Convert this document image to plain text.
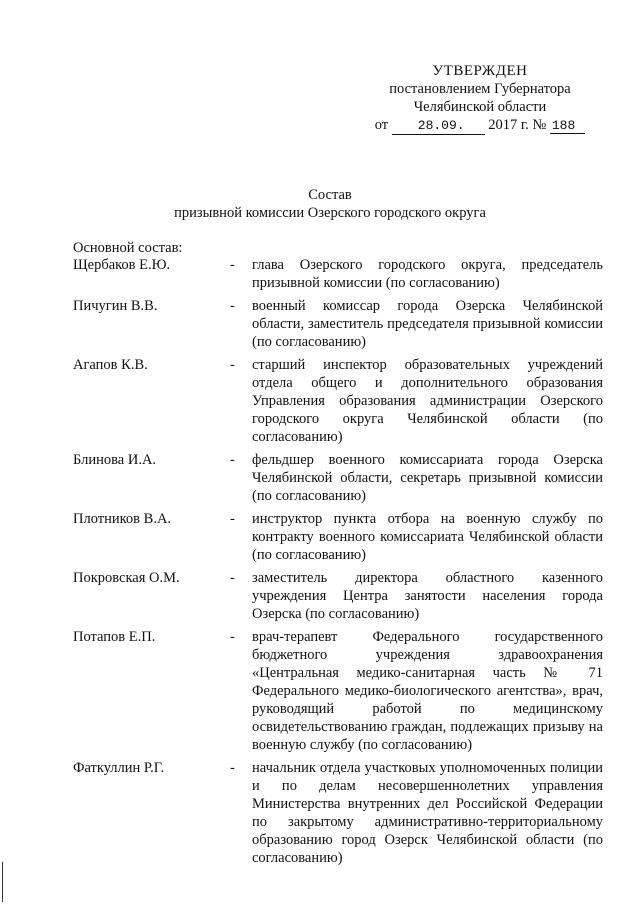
УТВЕРЖДЕН
постановлением Губернатора
Челябинской области
от 28.09. 2017 г. № 188
Состав
призывной комиссии Озерского городского округа
Основной состав:
Щербаков Е.Ю.	-	глава Озерского городского округа, председатель призывной комиссии (по согласованию)
Пичугин В.В.	-	военный комиссар города Озерска Челябинской области, заместитель председателя призывной комиссии (по согласованию)
Агапов К.В.	-	старший инспектор образовательных учреждений отдела общего и дополнительного образования Управления образования администрации Озерского городского округа Челябинской области (по согласованию)
Блинова И.А.	-	фельдшер военного комиссариата города Озерска Челябинской области, секретарь призывной комиссии (по согласованию)
Плотников В.А.	-	инструктор пункта отбора на военную службу по контракту военного комиссариата Челябинской области (по согласованию)
Покровская О.М.	-	заместитель директора областного казенного учреждения Центра занятости населения города Озерска (по согласованию)
Потапов Е.П.	-	врач-терапевт Федерального государственного бюджетного учреждения здравоохранения «Центральная медико-санитарная часть № 71 Федерального медико-биологического агентства», врач, руководящий работой по медицинскому освидетельствованию граждан, подлежащих призыву на военную службу (по согласованию)
Фаткуллин Р.Г.	-	начальник отдела участковых уполномоченных полиции и по делам несовершеннолетних управления Министерства внутренних дел Российской Федерации по закрытому административно-территориальному образованию город Озерск Челябинской области (по согласованию)
